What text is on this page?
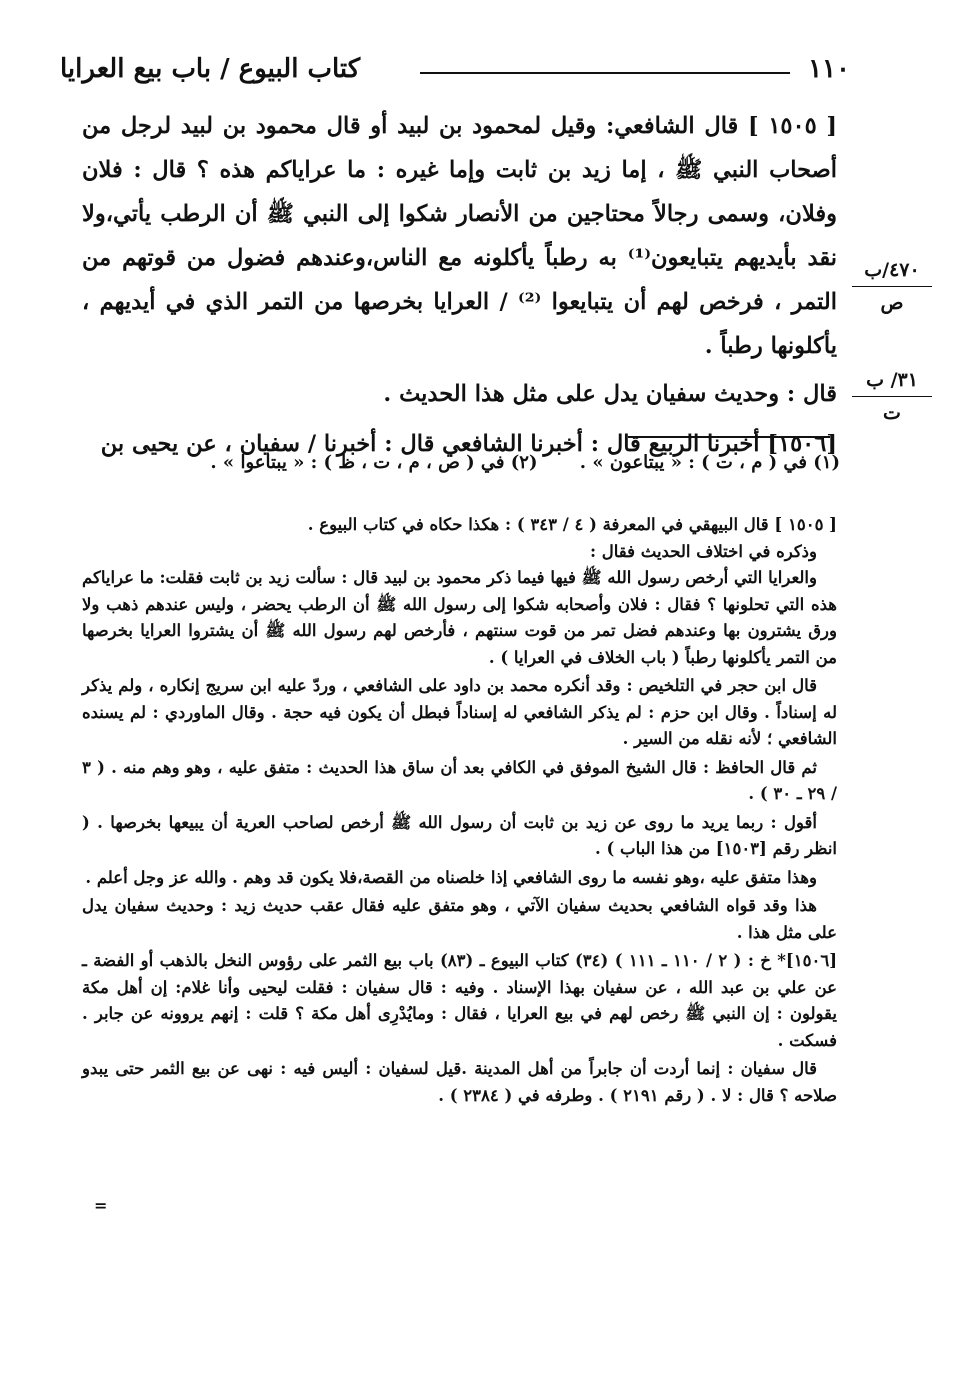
١١٠
كتاب البيوع / باب بيع العرايا

[ ١٥٠٥ ] قال الشافعي: وقيل لمحمود بن لبيد أو قال محمود بن لبيد لرجل من أصحاب النبي ﷺ ، إما زيد بن ثابت وإما غيره : ما عراياكم هذه ؟ قال : فلان وفلان، وسمى رجالاً محتاجين من الأنصار شكوا إلى النبي ﷺ أن الرطب يأتي،ولا نقد بأيديهم يتبايعون⁽¹⁾ به رطباً يأكلونه مع الناس،وعندهم فضول من قوتهم من التمر ، فرخص لهم أن يتبايعوا ⁽²⁾ / العرايا بخرصها من التمر الذي في أيديهم ، يأكلونها رطباً .

قال : وحديث سفيان يدل على مثل هذا الحديث .

[١٥٠٦] أخبرنا الربيع قال : أخبرنا الشافعي قال : أخبرنا / سفيان ، عن يحيى بن

٤٧٠/ب
ص
٣١/ ب
ت
(١) في ( م ، ت ) : « يبتاعون » . (٢) في ( ص ، م ، ت ، ظ ) : « يبتاعوا » .

[ ١٥٠٥ ] قال البيهقي في المعرفة ( ٤ / ٣٤٣ ) : هكذا حكاه في كتاب البيوع .

وذكره في اختلاف الحديث فقال :

والعرايا التي أرخص رسول الله ﷺ فيها فيما ذكر محمود بن لبيد قال : سألت زيد بن ثابت فقلت: ما عراياكم هذه التي تحلونها ؟ فقال : فلان وأصحابه شكوا إلى رسول الله ﷺ أن الرطب يحضر ، وليس عندهم ذهب ولا ورق يشترون بها وعندهم فضل تمر من قوت سنتهم ، فأرخص لهم رسول الله ﷺ أن يشتروا العرايا بخرصها من التمر يأكلونها رطباً ( باب الخلاف في العرايا ) .

قال ابن حجر في التلخيص : وقد أنكره محمد بن داود على الشافعي ، وردّ عليه ابن سريج إنكاره ، ولم يذكر له إسناداً . وقال ابن حزم : لم يذكر الشافعي له إسناداً فبطل أن يكون فيه حجة . وقال الماوردي : لم يسنده الشافعي ؛ لأنه نقله من السير .

ثم قال الحافظ : قال الشيخ الموفق في الكافي بعد أن ساق هذا الحديث : متفق عليه ، وهو وهم منه . ( ٣ / ٢٩ ـ ٣٠ ) .

أقول : ربما يريد ما روى عن زيد بن ثابت أن رسول الله ﷺ أرخص لصاحب العرية أن يبيعها بخرصها . ( انظر رقم [١٥٠٣] من هذا الباب ) .

وهذا متفق عليه ،وهو نفسه ما روى الشافعي إذا خلصناه من القصة،فلا يكون قد وهم . والله عز وجل أعلم .

هذا وقد قواه الشافعي بحديث سفيان الآتي ، وهو متفق عليه فقال عقب حديث زيد : وحديث سفيان يدل على مثل هذا .

[١٥٠٦]* خ : ( ٢ / ١١٠ ـ ١١١ ) (٣٤) كتاب البيوع ـ (٨٣) باب بيع الثمر على رؤوس النخل بالذهب أو الفضة ـ عن علي بن عبد الله ، عن سفيان بهذا الإسناد . وفيه : قال سفيان : فقلت ليحيى وأنا غلام: إن أهل مكة يقولون : إن النبي ﷺ رخص لهم في بيع العرايا ، فقال : ومايُدْرِى أهل مكة ؟ قلت : إنهم يروونه عن جابر . فسكت .

قال سفيان : إنما أردت أن جابراً من أهل المدينة .قيل لسفيان : أليس فيه : نهى عن بيع الثمر حتى يبدو صلاحه ؟ قال : لا . ( رقم ٢١٩١ ) . وطرفه في ( ٢٣٨٤ ) .

=
